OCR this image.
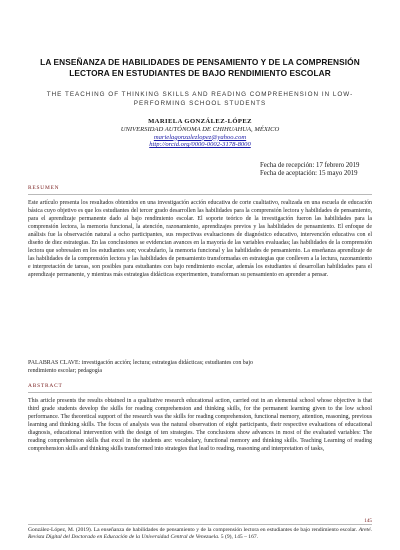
LA ENSEÑANZA DE HABILIDADES DE PENSAMIENTO Y DE LA COMPRENSIÓN
LECTORA EN ESTUDIANTES DE BAJO RENDIMIENTO ESCOLAR
THE TEACHING OF THINKING SKILLS AND READING COMPREHENSION IN LOW-
PERFORMING SCHOOL STUDENTS
MARIELA GONZÁLEZ-LÓPEZ
UNIVERSIDAD AUTÓNOMA DE CHIHUAHUA, MÉXICO
marielagonzalezlopez@yahoo.com
http://orcid.org/0000-0002-3178-8000
Fecha de recepción: 17 febrero 2019
Fecha de aceptación: 15 mayo 2019
RESUMEN
Este artículo presenta los resultados obtenidos en una investigación acción educativa de corte cualitativo, realizada en una escuela de educación básica cuyo objetivo es que los estudiantes del tercer grado desarrollen las habilidades para la comprensión lectora y habilidades de pensamiento, para el aprendizaje permanente dado al bajo rendimiento escolar. El soporte teórico de la investigación fueron las habilidades para la comprensión lectora, la memoria funcional, la atención, razonamiento, aprendizajes previos y las habilidades de pensamiento. El enfoque de análisis fue la observación natural a ocho participantes, sus respectivas evaluaciones de diagnóstico educativo, intervención educativa con el diseño de diez estrategias. En las conclusiones se evidencian avances en la mayoría de las variables evaluadas; las habilidades de la comprensión lectora que sobresalen en los estudiantes son; vocabulario, la memoria funcional y las habilidades de pensamiento. La enseñanza aprendizaje de las habilidades de la comprensión lectora y las habilidades de pensamiento transformadas en estrategias que conlleven a la lectura, razonamiento e interpretación de tareas, son posibles para estudiantes con bajo rendimiento escolar, además los estudiantes sí desarrollan habilidades para el aprendizaje permanente, y mientras más estrategias didácticas experimenten, transforman su pensamiento en aprender a pensar.
PALABRAS CLAVE: investigación acción; lectura; estrategias didácticas; estudiantes con bajo rendimiento escolar; pedagogía
ABSTRACT
This article presents the results obtained in a qualitative research educational action, carried out in an elemental school whose objective is that third grade students develop the skills for reading comprehension and thinking skills, for the permanent learning given to the low school performance. The theoretical support of the research was the skills for reading comprehension, functional memory, attention, reasoning, previous learning and thinking skills. The focus of analysis was the natural observation of eight participants, their respective evaluations of educational diagnosis, educational intervention with the design of ten strategies. The conclusions show advances in most of the evaluated variables: The reading comprehension skills that excel in the students are: vocabulary, functional memory and thinking skills. Teaching Learning of reading comprehension skills and thinking skills transformed into strategies that lead to reading, reasoning and interpretation of tasks,
145
González-López, M. (2019). La enseñanza de habilidades de pensamiento y de la comprensión lectora en estudiantes de bajo rendimiento escolar. Areté. Revista Digital del Doctorado en Educación de la Universidad Central de Venezuela. 5 (9), 145 – 167.
